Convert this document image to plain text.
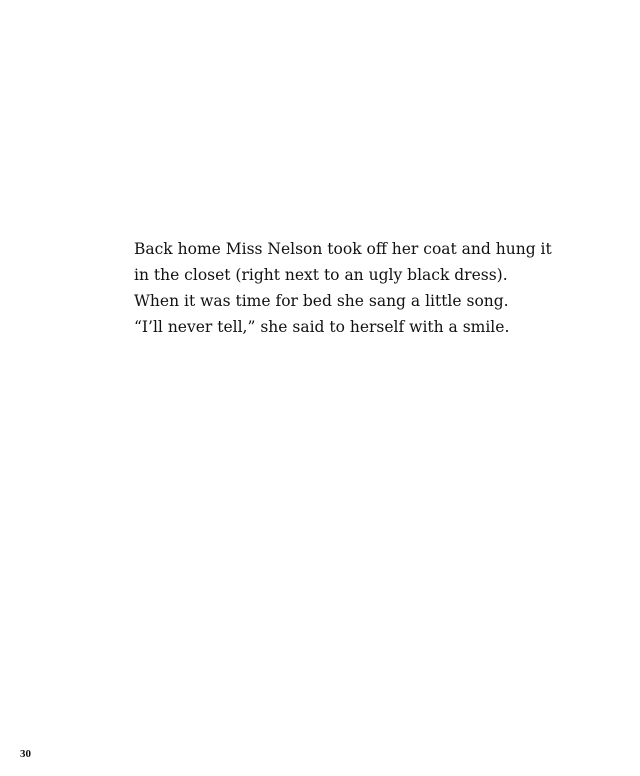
Back home Miss Nelson took off her coat and hung it
in the closet (right next to an ugly black dress).
When it was time for bed she sang a little song.
“I’ll never tell,” she said to herself with a smile.
30
